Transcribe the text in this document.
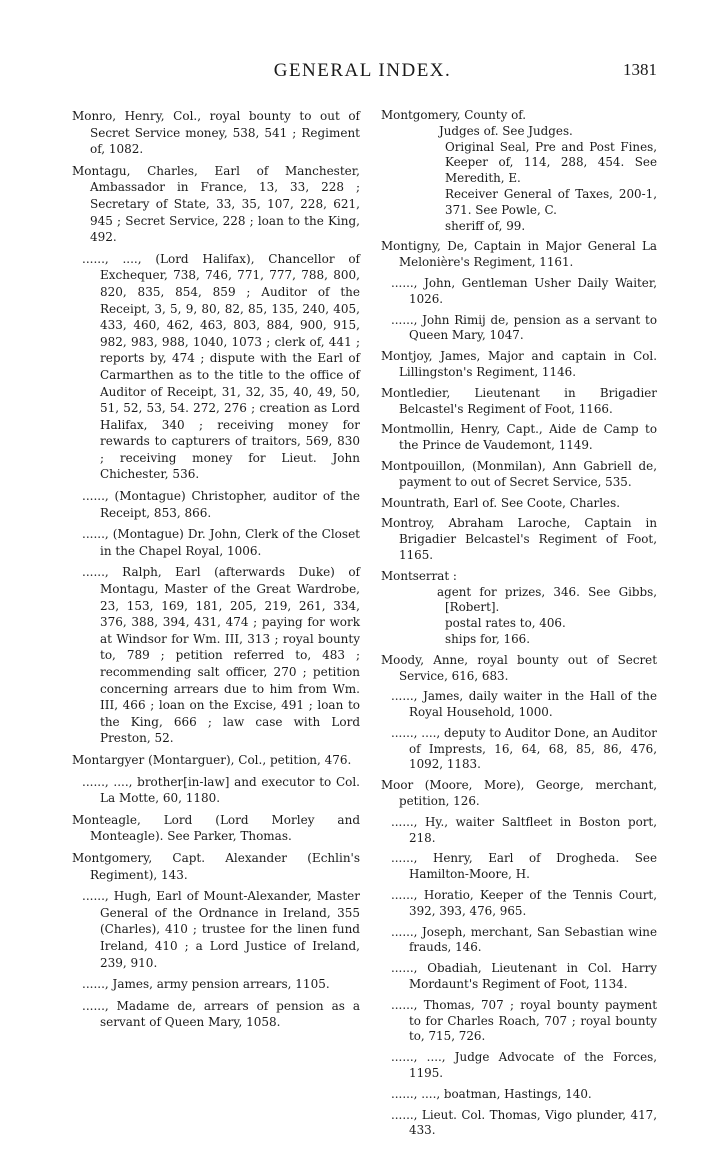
GENERAL INDEX.	1381

Monro, Henry, Col., royal bounty to out of Secret Service money, 538, 541 ; Regiment of, 1082.

Montagu, Charles, Earl of Manchester, Ambassador in France, 13, 33, 228 ; Secretary of State, 33, 35, 107, 228, 621, 945 ; Secret Service, 228 ; loan to the King, 492.

......, ...., (Lord Halifax), Chancellor of Exchequer, 738, 746, 771, 777, 788, 800, 820, 835, 854, 859 ; Auditor of the Receipt, 3, 5, 9, 80, 82, 85, 135, 240, 405, 433, 460, 462, 463, 803, 884, 900, 915, 982, 983, 988, 1040, 1073 ; clerk of, 441 ; reports by, 474 ; dispute with the Earl of Carmarthen as to the title to the office of Auditor of Receipt, 31, 32, 35, 40, 49, 50, 51, 52, 53, 54. 272, 276 ; creation as Lord Halifax, 340 ; receiving money for rewards to capturers of traitors, 569, 830 ; receiving money for Lieut. John Chichester, 536.

......, (Montague) Christopher, auditor of the Receipt, 853, 866.

......, (Montague) Dr. John, Clerk of the Closet in the Chapel Royal, 1006.

......, Ralph, Earl (afterwards Duke) of Montagu, Master of the Great Wardrobe, 23, 153, 169, 181, 205, 219, 261, 334, 376, 388, 394, 431, 474 ; paying for work at Windsor for Wm. III, 313 ; royal bounty to, 789 ; petition referred to, 483 ; recommending salt officer, 270 ; petition concerning arrears due to him from Wm. III, 466 ; loan on the Excise, 491 ; loan to the King, 666 ; law case with Lord Preston, 52.

Montargyer (Montarguer), Col., petition, 476.

......, ...., brother[in-law] and executor to Col. La Motte, 60, 1180.

Monteagle, Lord (Lord Morley and Monteagle). See Parker, Thomas.

Montgomery, Capt. Alexander (Echlin's Regiment), 143.

......, Hugh, Earl of Mount-Alexander, Master General of the Ordnance in Ireland, 355 (Charles), 410 ; trustee for the linen fund Ireland, 410 ; a Lord Justice of Ireland, 239, 910.

......, James, army pension arrears, 1105.

......, Madame de, arrears of pension as a servant of Queen Mary, 1058.

Montgomery, County of.

Judges of. See Judges.

Original Seal, Pre and Post Fines, Keeper of, 114, 288, 454. See Meredith, E.

Receiver General of Taxes, 200-1, 371. See Powle, C.

sheriff of, 99.

Montigny, De, Captain in Major General La Melonière's Regiment, 1161.

......, John, Gentleman Usher Daily Waiter, 1026.

......, John Rimij de, pension as a servant to Queen Mary, 1047.

Montjoy, James, Major and captain in Col. Lillingston's Regiment, 1146.

Montledier, Lieutenant in Brigadier Belcastel's Regiment of Foot, 1166.

Montmollin, Henry, Capt., Aide de Camp to the Prince de Vaudemont, 1149.

Montpouillon, (Monmilan), Ann Gabriell de, payment to out of Secret Service, 535.

Mountrath, Earl of. See Coote, Charles.

Montroy, Abraham Laroche, Captain in Brigadier Belcastel's Regiment of Foot, 1165.

Montserrat :

agent for prizes, 346. See Gibbs, [Robert].

postal rates to, 406.

ships for, 166.

Moody, Anne, royal bounty out of Secret Service, 616, 683.

......, James, daily waiter in the Hall of the Royal Household, 1000.

......, ...., deputy to Auditor Done, an Auditor of Imprests, 16, 64, 68, 85, 86, 476, 1092, 1183.

Moor (Moore, More), George, merchant, petition, 126.

......, Hy., waiter Saltfleet in Boston port, 218.

......, Henry, Earl of Drogheda. See Hamilton-Moore, H.

......, Horatio, Keeper of the Tennis Court, 392, 393, 476, 965.

......, Joseph, merchant, San Sebastian wine frauds, 146.

......, Obadiah, Lieutenant in Col. Harry Mordaunt's Regiment of Foot, 1134.

......, Thomas, 707 ; royal bounty payment to for Charles Roach, 707 ; royal bounty to, 715, 726.

......, ...., Judge Advocate of the Forces, 1195.

......, ...., boatman, Hastings, 140.

......, Lieut. Col. Thomas, Vigo plunder, 417, 433.
